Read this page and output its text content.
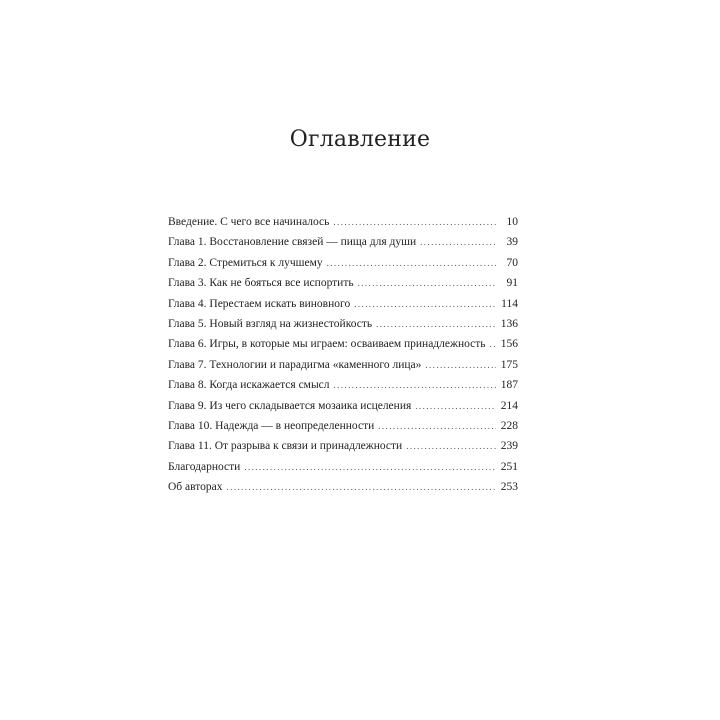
Оглавление
Введение. С чего все начиналось .....	10
Глава 1. Восстановление связей — пища для души .....	39
Глава 2. Стремиться к лучшему .....	70
Глава 3. Как не бояться все испортить .....	91
Глава 4. Перестаем искать виновного .....	114
Глава 5. Новый взгляд на жизнестойкость .....	136
Глава 6. Игры, в которые мы играем: осваиваем принадлежность .....	156
Глава 7. Технологии и парадигма «каменного лица» .....	175
Глава 8. Когда искажается смысл .....	187
Глава 9. Из чего складывается мозаика исцеления .....	214
Глава 10. Надежда — в неопределенности .....	228
Глава 11. От разрыва к связи и принадлежности .....	239
Благодарности .....	251
Об авторах .....	253
